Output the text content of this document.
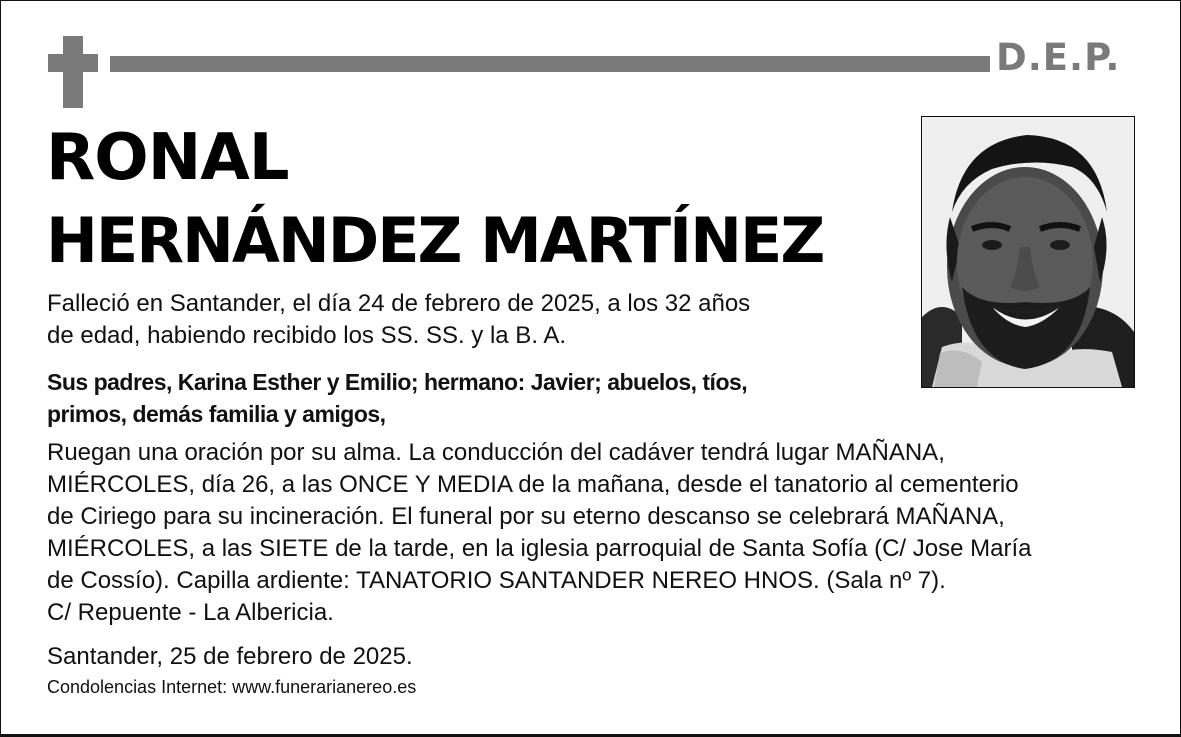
D.E.P.
RONAL
HERNÁNDEZ MARTÍNEZ
Falleció en Santander, el día 24 de febrero de 2025, a los 32 años
de edad, habiendo recibido los SS. SS. y la B. A.
Sus padres, Karina Esther y Emilio; hermano: Javier; abuelos, tíos,
primos, demás familia y amigos,
Ruegan una oración por su alma. La conducción del cadáver tendrá lugar MAÑANA,
MIÉRCOLES, día 26, a las ONCE Y MEDIA de la mañana, desde el tanatorio al cementerio
de Ciriego para su incineración. El funeral por su eterno descanso se celebrará MAÑANA,
MIÉRCOLES, a las SIETE de la tarde, en la iglesia parroquial de Santa Sofía (C/ Jose María
de Cossío). Capilla ardiente: TANATORIO SANTANDER NEREO HNOS. (Sala nº 7).
C/ Repuente - La Albericia.
Santander, 25 de febrero de 2025.
Condolencias Internet: www.funerarianereo.es
